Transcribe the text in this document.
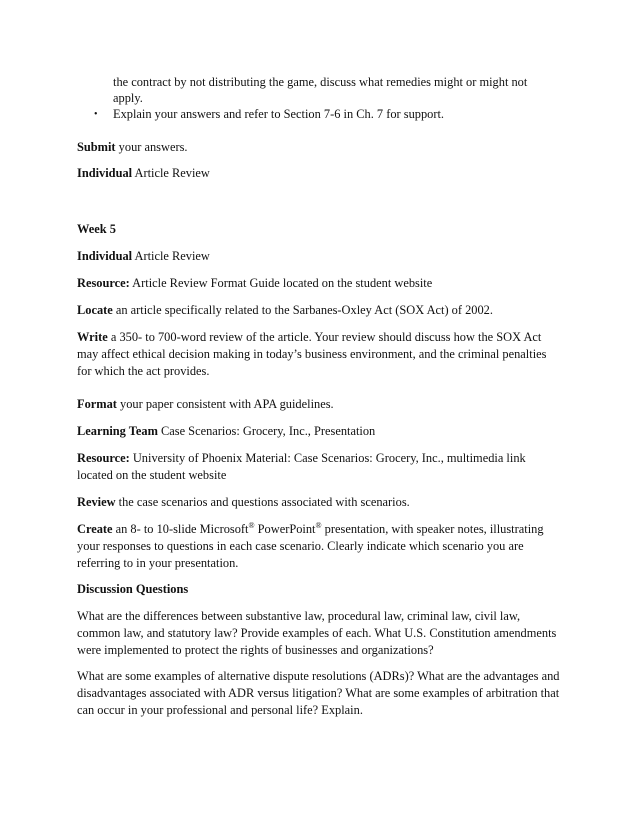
the contract by not distributing the game, discuss what remedies might or might not
apply.
• Explain your answers and refer to Section 7-6 in Ch. 7 for support.
Submit your answers.
Individual Article Review
Week 5
Individual Article Review
Resource: Article Review Format Guide located on the student website
Locate an article specifically related to the Sarbanes-Oxley Act (SOX Act) of 2002.
Write a 350- to 700-word review of the article. Your review should discuss how the SOX Act
may affect ethical decision making in today’s business environment, and the criminal penalties
for which the act provides.
Format your paper consistent with APA guidelines.
Learning Team Case Scenarios: Grocery, Inc., Presentation
Resource: University of Phoenix Material: Case Scenarios: Grocery, Inc., multimedia link
located on the student website
Review the case scenarios and questions associated with scenarios.
Create an 8- to 10-slide Microsoft® PowerPoint® presentation, with speaker notes, illustrating
your responses to questions in each case scenario. Clearly indicate which scenario you are
referring to in your presentation.
Discussion Questions
What are the differences between substantive law, procedural law, criminal law, civil law,
common law, and statutory law? Provide examples of each. What U.S. Constitution amendments
were implemented to protect the rights of businesses and organizations?
What are some examples of alternative dispute resolutions (ADRs)? What are the advantages and
disadvantages associated with ADR versus litigation? What are some examples of arbitration that
can occur in your professional and personal life? Explain.
